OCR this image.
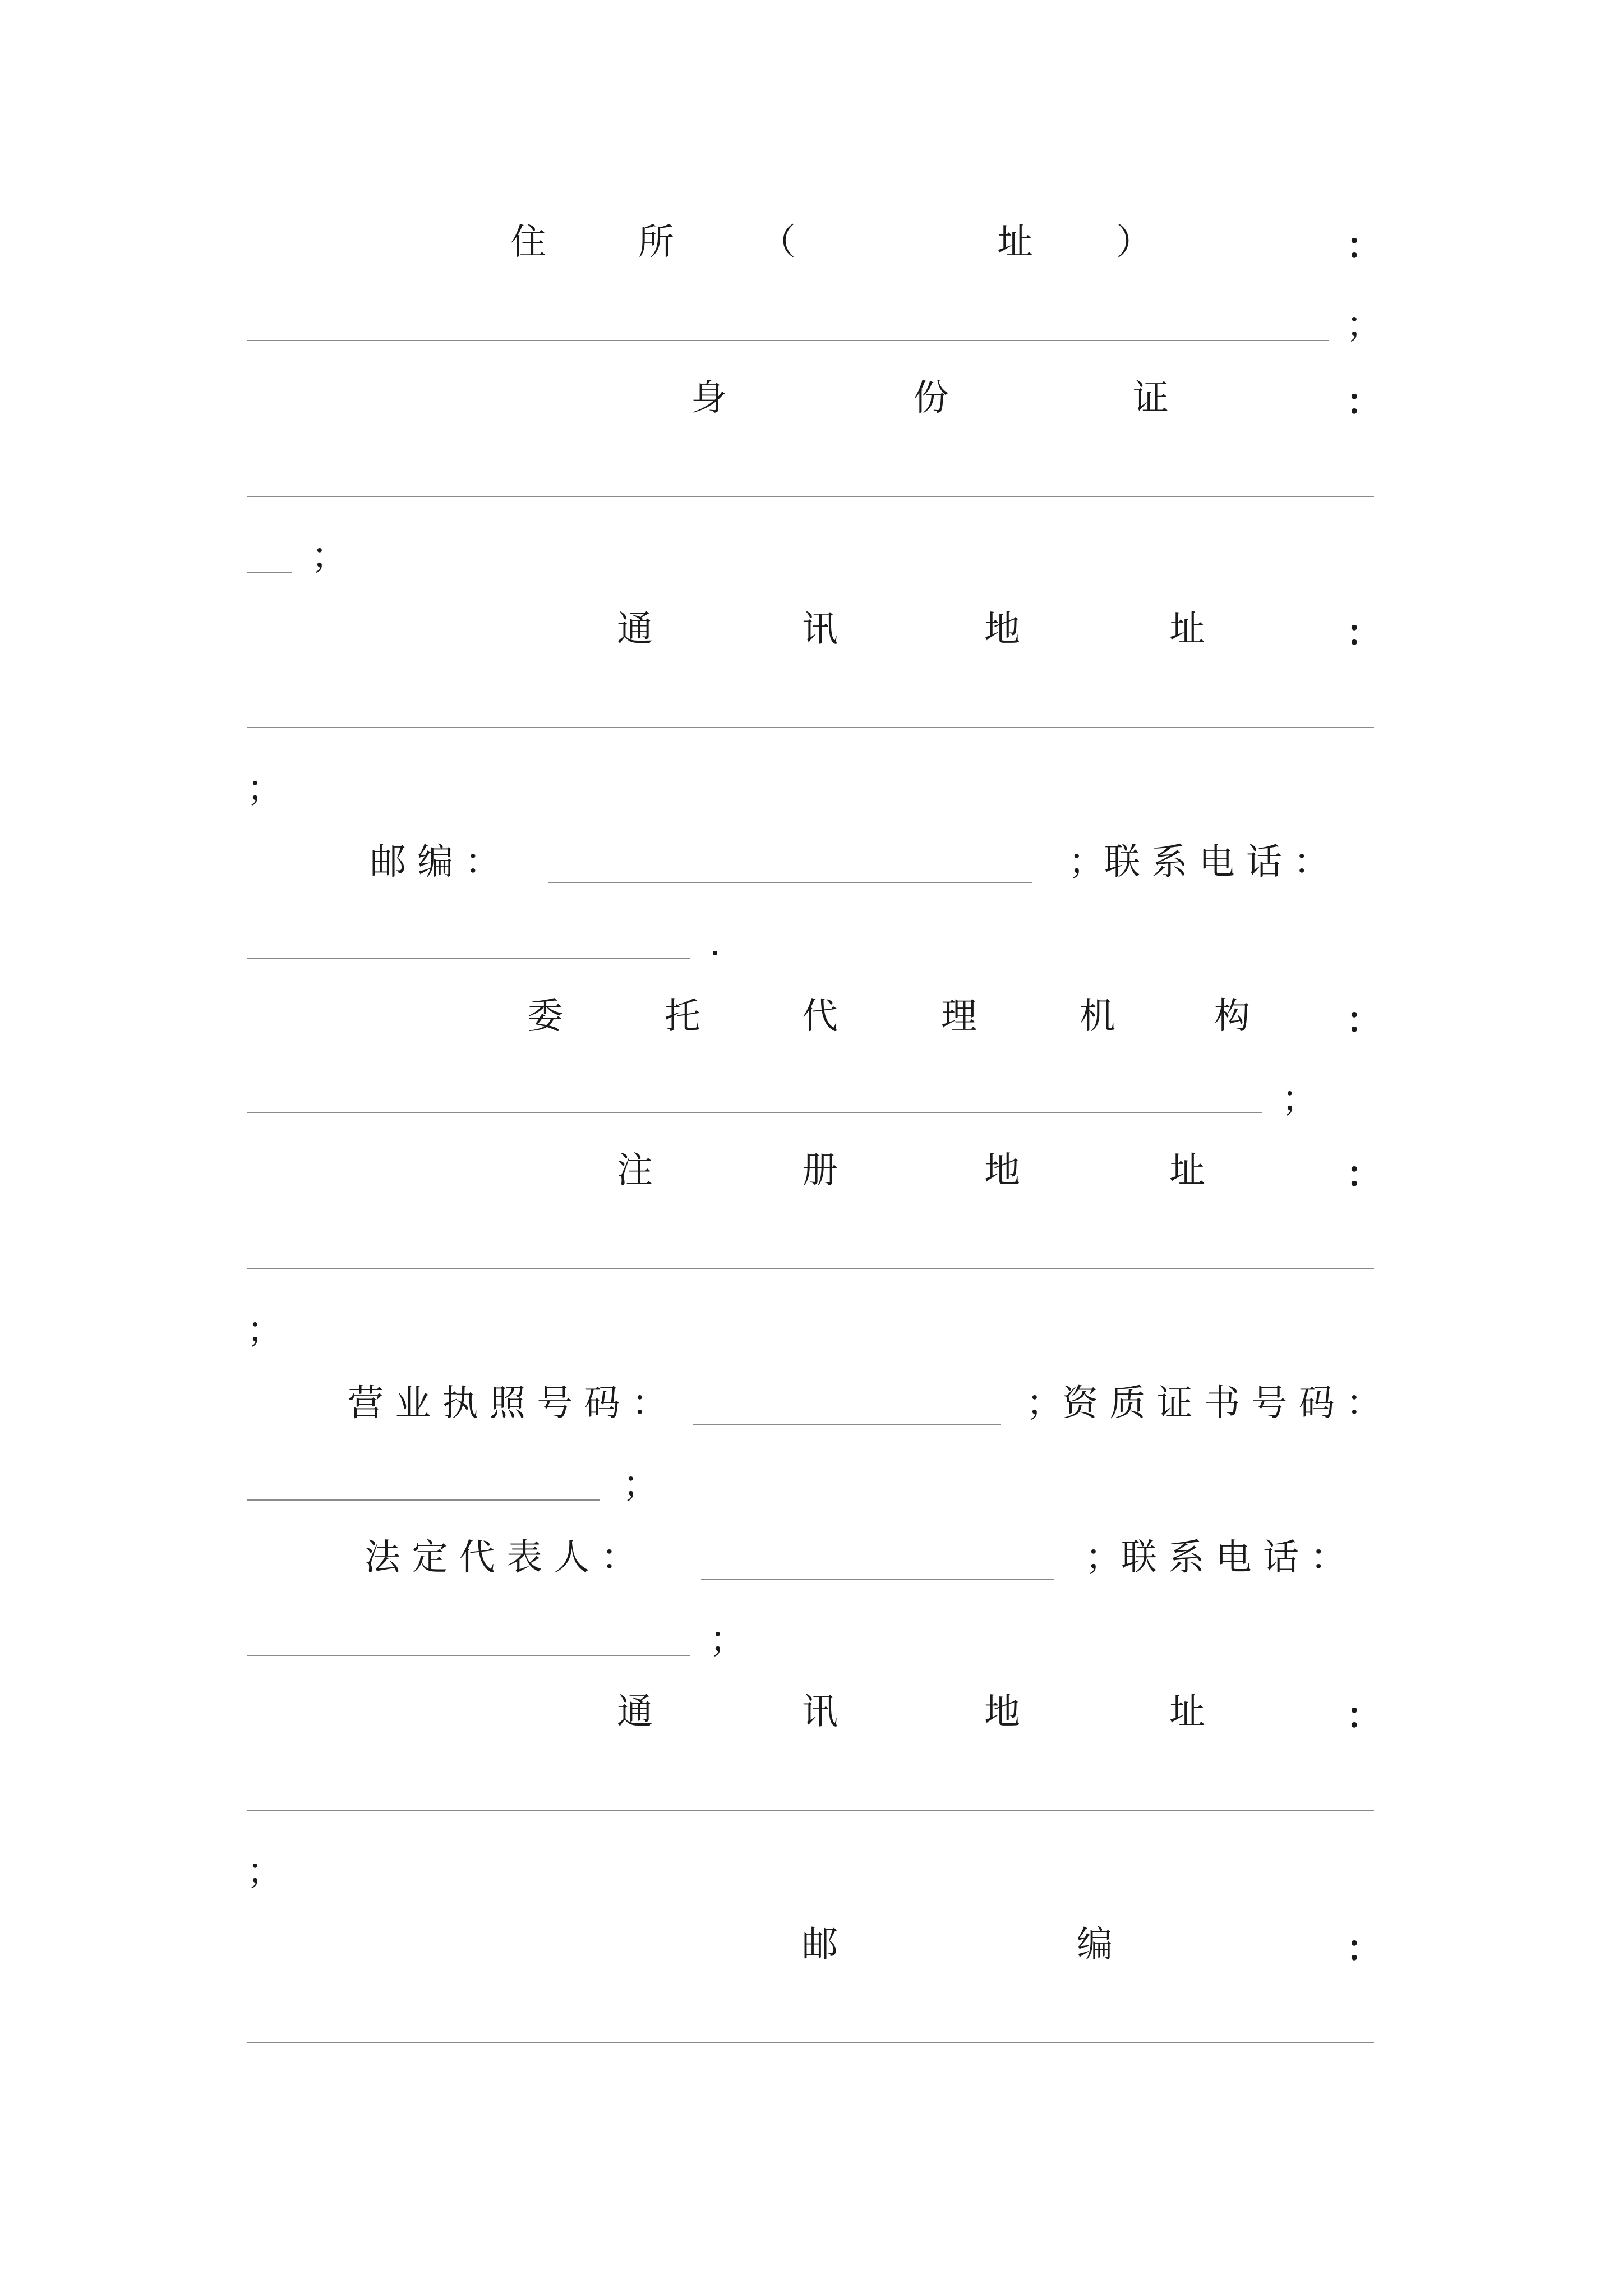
住	所 （	址 ）	：
；
身	份	证	：
；
通	讯	地	址	：
；
邮 编 ：	；联 系 电 话 ：
.
委	托	代	理	机	构	：
；
注	册	地	址	：
；
营 业 执 照 号 码 ：	；资 质 证 书 号 码 ：
；
法 定 代 表 人 ：	；联 系 电 话 ：
；
通	讯	地	址	：
；
邮	编	：
